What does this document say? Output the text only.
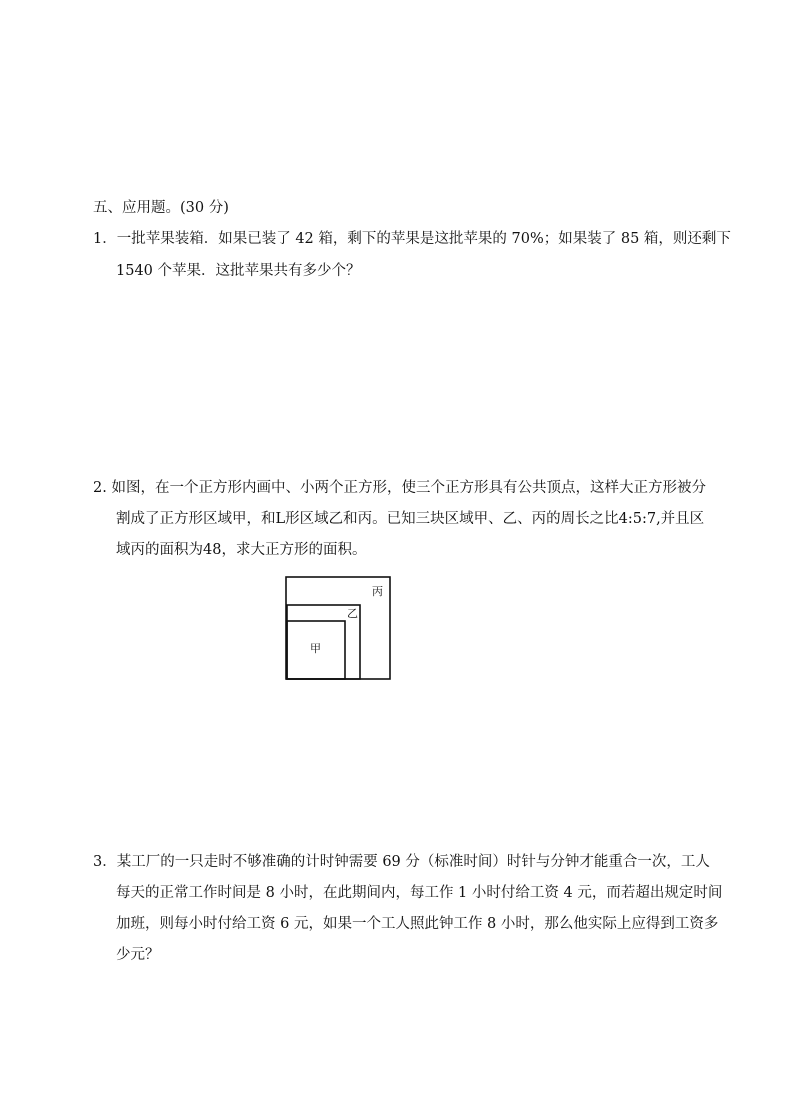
五、应用题。(30 分)
1．一批苹果装箱．如果已装了 42 箱，剩下的苹果是这批苹果的 70%；如果装了 85 箱，则还剩下
1540 个苹果．这批苹果共有多少个？
2. 如图，在一个正方形内画中、小两个正方形，使三个正方形具有公共顶点，这样大正方形被分
割成了正方形区域甲，和L形区域乙和丙。已知三块区域甲、乙、丙的周长之比4:5:7,并且区
域丙的面积为48，求大正方形的面积。
丙
乙
甲
3．某工厂的一只走时不够准确的计时钟需要 69 分（标准时间）时针与分钟才能重合一次，工人
每天的正常工作时间是 8 小时，在此期间内，每工作 1 小时付给工资 4 元，而若超出规定时间
加班，则每小时付给工资 6 元，如果一个工人照此钟工作 8 小时，那么他实际上应得到工资多
少元？
